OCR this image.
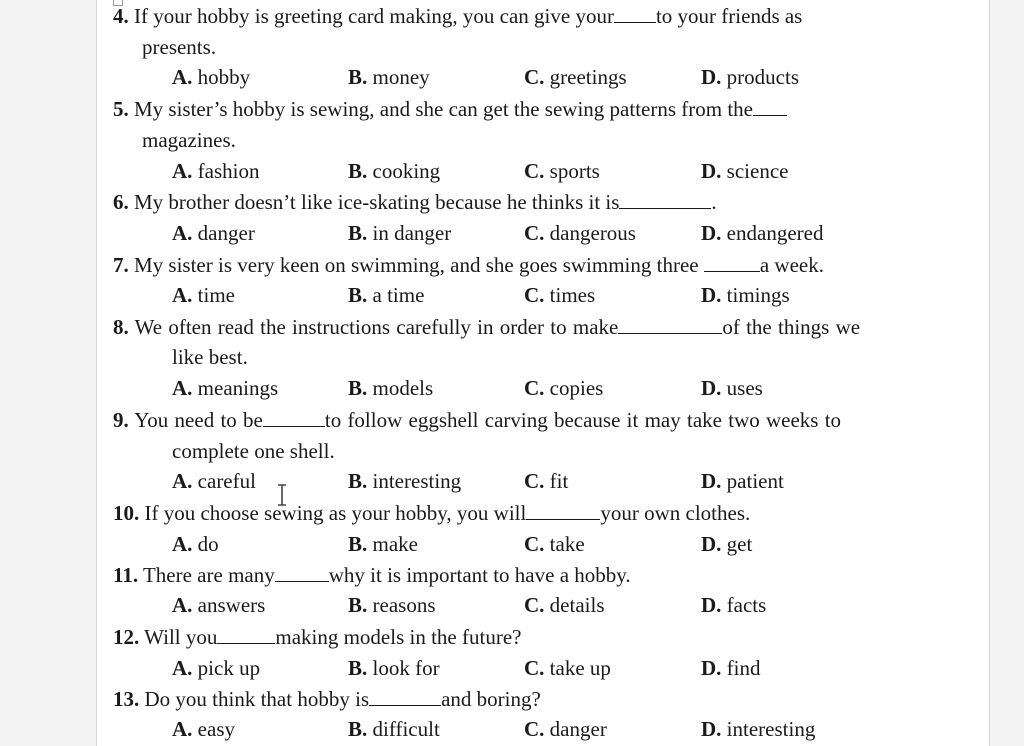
4. If your hobby is greeting card making, you can give your to your friends as
presents.
A. hobby	B. money	C. greetings	D. products
5. My sister’s hobby is sewing, and she can get the sewing patterns from the
magazines.
A. fashion	B. cooking	C. sports	D. science
6. My brother doesn’t like ice-skating because he thinks it is	.
A. danger	B. in danger	C. dangerous	D. endangered
7. My sister is very keen on swimming, and she goes swimming three	a week.
A. time	B. a time	C. times	D. timings
8. We often read the instructions carefully in order to make	of the things we
like best.
A. meanings	B. models	C. copies	D. uses
9. You need to be	to follow eggshell carving because it may take two weeks to
complete one shell.
A. careful	B. interesting	C. fit	D. patient
10. If you choose sewing as your hobby, you will	your own clothes.
A. do	B. make	C. take	D. get
11. There are many	why it is important to have a hobby.
A. answers	B. reasons	C. details	D. facts
12. Will you	making models in the future?
A. pick up	B. look for	C. take up	D. find
13. Do you think that hobby is	and boring?
A. easy	B. difficult	C. danger	D. interesting
